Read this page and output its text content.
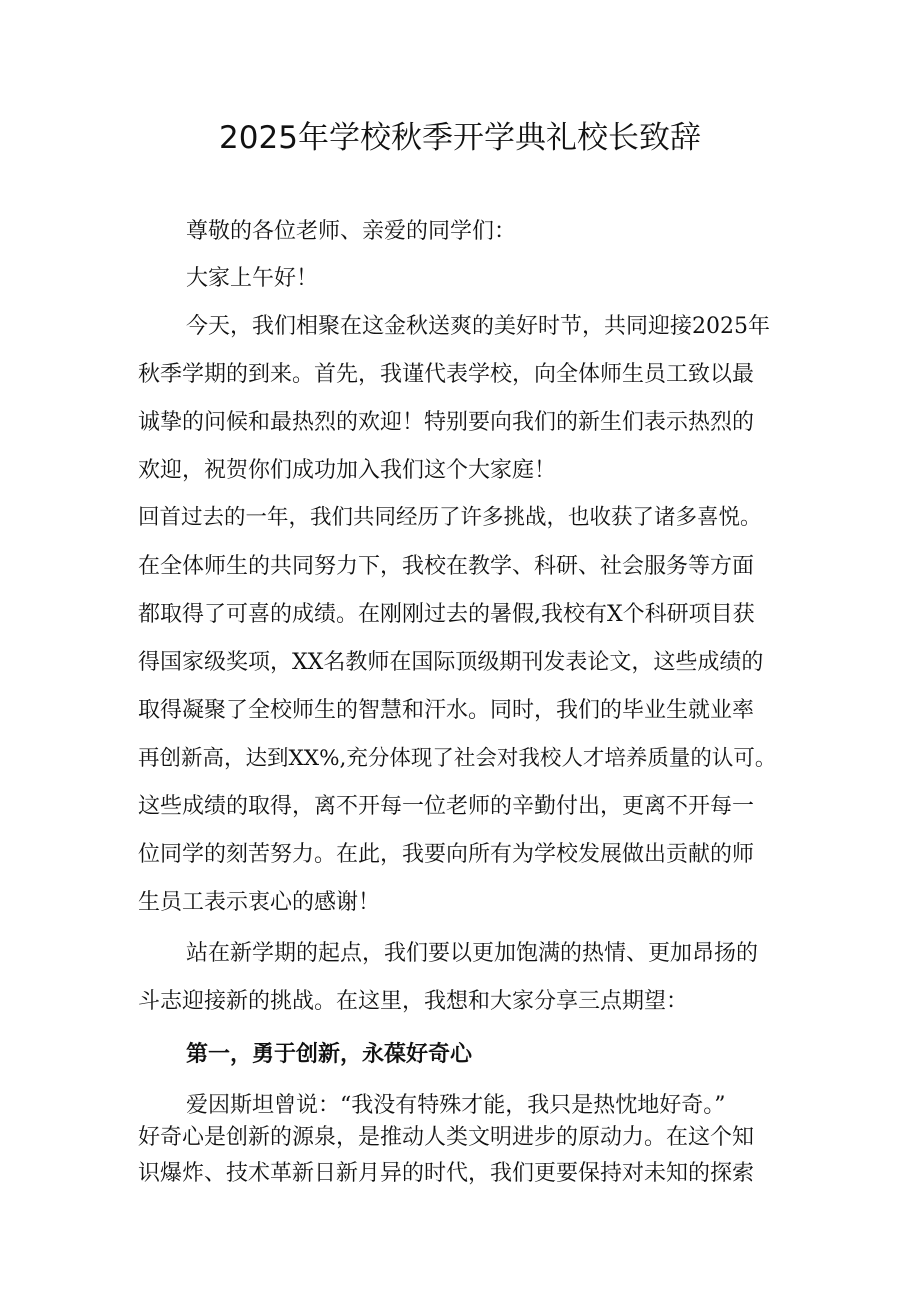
2025年学校秋季开学典礼校长致辞
尊敬的各位老师、亲爱的同学们：
大家上午好！
今天，我们相聚在这金秋送爽的美好时节，共同迎接2025年
秋季学期的到来。首先，我谨代表学校，向全体师生员工致以最
诚挚的问候和最热烈的欢迎！特别要向我们的新生们表示热烈的
欢迎，祝贺你们成功加入我们这个大家庭！
回首过去的一年，我们共同经历了许多挑战，也收获了诸多喜悦。
在全体师生的共同努力下，我校在教学、科研、社会服务等方面
都取得了可喜的成绩。在刚刚过去的暑假,我校有X个科研项目获
得国家级奖项，XX名教师在国际顶级期刊发表论文，这些成绩的
取得凝聚了全校师生的智慧和汗水。同时，我们的毕业生就业率
再创新高，达到XX%,充分体现了社会对我校人才培养质量的认可。
这些成绩的取得，离不开每一位老师的辛勤付出，更离不开每一
位同学的刻苦努力。在此，我要向所有为学校发展做出贡献的师
生员工表示衷心的感谢！
站在新学期的起点，我们要以更加饱满的热情、更加昂扬的
斗志迎接新的挑战。在这里，我想和大家分享三点期望：
第一，勇于创新，永葆好奇心
爱因斯坦曾说：“我没有特殊才能，我只是热忱地好奇。”
好奇心是创新的源泉，是推动人类文明进步的原动力。在这个知
识爆炸、技术革新日新月异的时代，我们更要保持对未知的探索
